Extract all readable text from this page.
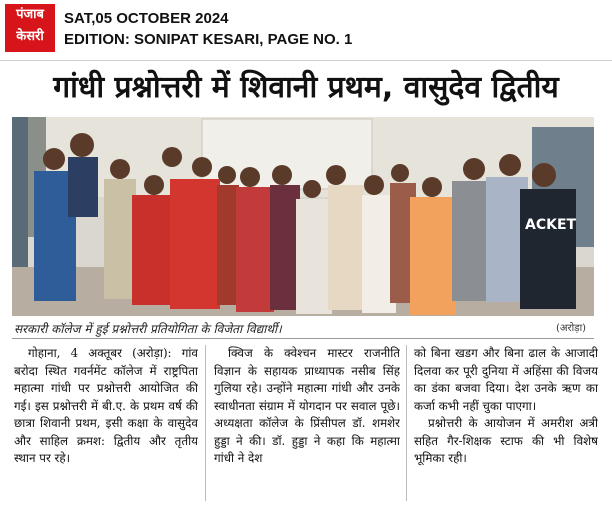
पंजाब
केसरी
SAT,05 OCTOBER 2024
EDITION: SONIPAT KESARI, PAGE NO. 1
गांधी प्रश्नोत्तरी में शिवानी प्रथम, वासुदेव द्वितीय
ACKET
सरकारी कॉलेज में हुई प्रश्नोत्तरी प्रतियोगिता के विजेता विद्यार्थी।	(अरोड़ा)

गोहाना, 4 अक्तूबर (अरोड़ा): गांव बरोदा स्थित गवर्नमेंट कॉलेज में राष्ट्रपिता महात्मा गांधी पर प्रश्नोत्तरी आयोजित की गई। इस प्रश्नोत्तरी में बी.ए. के प्रथम वर्ष की छात्रा शिवानी प्रथम, इसी कक्षा के वासुदेव और साहिल क्रमश: द्वितीय और तृतीय स्थान पर रहे।

क्विज के क्वेश्चन मास्टर राजनीति विज्ञान के सहायक प्राध्यापक नसीब सिंह गुलिया रहे। उन्होंने महात्मा गांधी और उनके स्वाधीनता संग्राम में योगदान पर सवाल पूछे। अध्यक्षता कॉलेज के प्रिंसीपल डॉ. शमशेर हुड्डा ने की। डॉ. हुड्डा ने कहा कि महात्मा गांधी ने देश

को बिना खडग और बिना ढाल के आजादी दिलवा कर पूरी दुनिया में अहिंसा की विजय का डंका बजवा दिया। देश उनके ऋण का कर्जा कभी नहीं चुका पाएगा।

प्रश्नोत्तरी के आयोजन में अमरीश अत्री सहित गैर-शिक्षक स्टाफ की भी विशेष भूमिका रही।
